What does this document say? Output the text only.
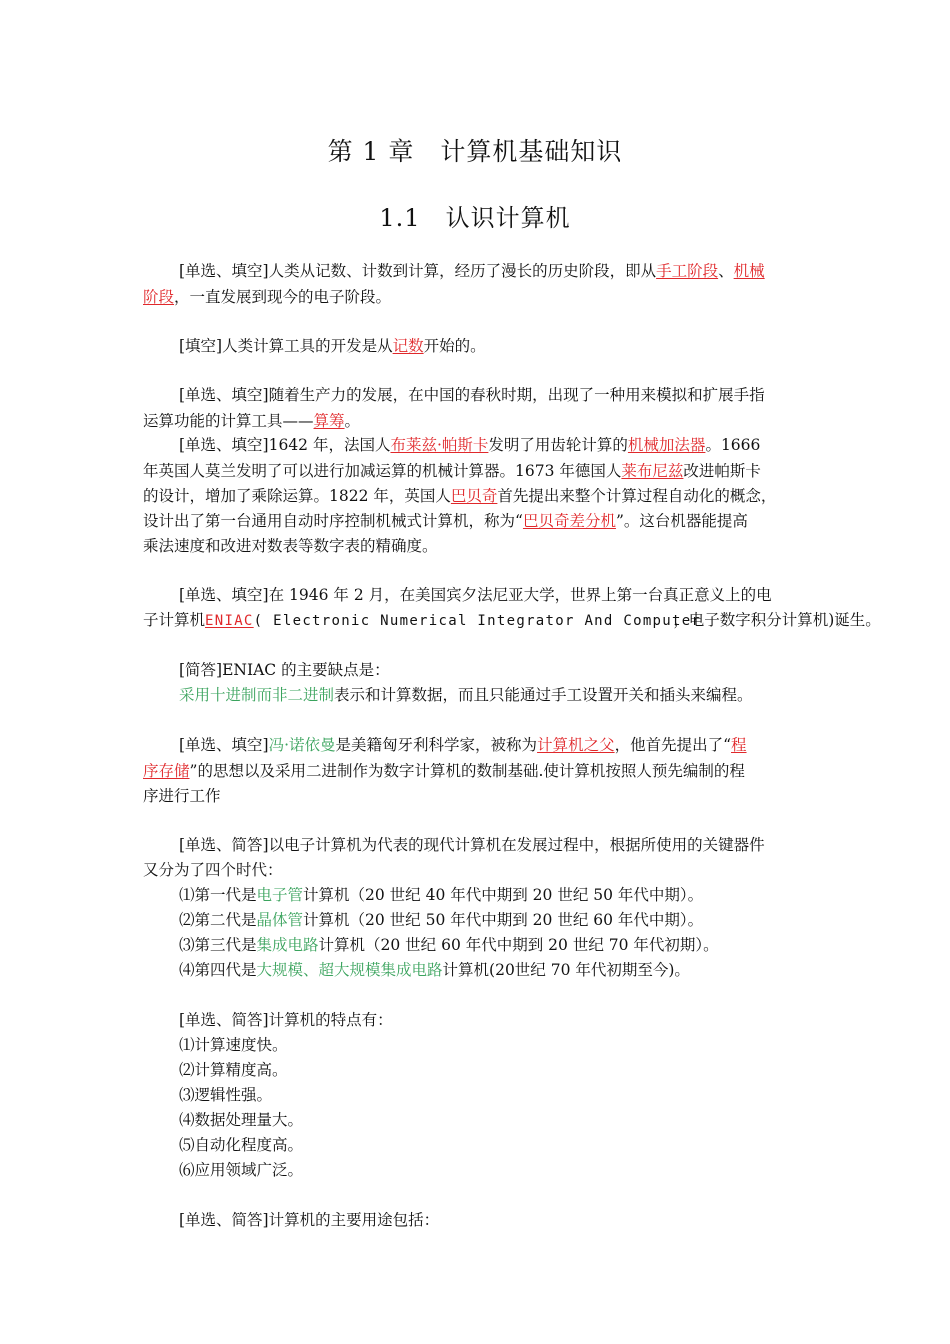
第 1 章　计算机基础知识
1.1　认识计算机
[单选、填空]人类从记数、计数到计算，经历了漫长的历史阶段，即从手工阶段、机械
阶段，一直发展到现今的电子阶段。
[填空]人类计算工具的开发是从记数开始的。
[单选、填空]随着生产力的发展，在中国的春秋时期，出现了一种用来模拟和扩展手指
运算功能的计算工具——算筹。
[单选、填空]1642 年，法国人布莱兹·帕斯卡发明了用齿轮计算的机械加法器。1666
年英国人莫兰发明了可以进行加减运算的机械计算器。1673 年德国人莱布尼兹改进帕斯卡
的设计，增加了乘除运算。1822 年，英国人巴贝奇首先提出来整个计算过程自动化的概念，
设计出了第一台通用自动时序控制机械式计算机，称为“巴贝奇差分机”。这台机器能提高
乘法速度和改进对数表等数字表的精确度。
[单选、填空]在 1946 年 2 月，在美国宾夕法尼亚大学，世界上第一台真正意义上的电
子计算机ENIAC( Electronic Numerical Integrator And Computer，电子数字积分计算机)诞生。
[简答]ENIAC 的主要缺点是：
采用十进制而非二进制表示和计算数据，而且只能通过手工设置开关和插头来编程。
[单选、填空]冯·诺依曼是美籍匈牙利科学家，被称为计算机之父，他首先提出了“程
序存储”的思想以及采用二进制作为数字计算机的数制基础.使计算机按照人预先编制的程
序进行工作
[单选、简答]以电子计算机为代表的现代计算机在发展过程中，根据所使用的关键器件
又分为了四个时代：
⑴第一代是电子管计算机（20 世纪 40 年代中期到 20 世纪 50 年代中期）。
⑵第二代是晶体管计算机（20 世纪 50 年代中期到 20 世纪 60 年代中期）。
⑶第三代是集成电路计算机（20 世纪 60 年代中期到 20 世纪 70 年代初期）。
⑷第四代是大规模、超大规模集成电路计算机(20世纪 70 年代初期至今)。
[单选、简答]计算机的特点有：
⑴计算速度快。
⑵计算精度高。
⑶逻辑性强。
⑷数据处理量大。
⑸自动化程度高。
⑹应用领域广泛。
[单选、简答]计算机的主要用途包括：
